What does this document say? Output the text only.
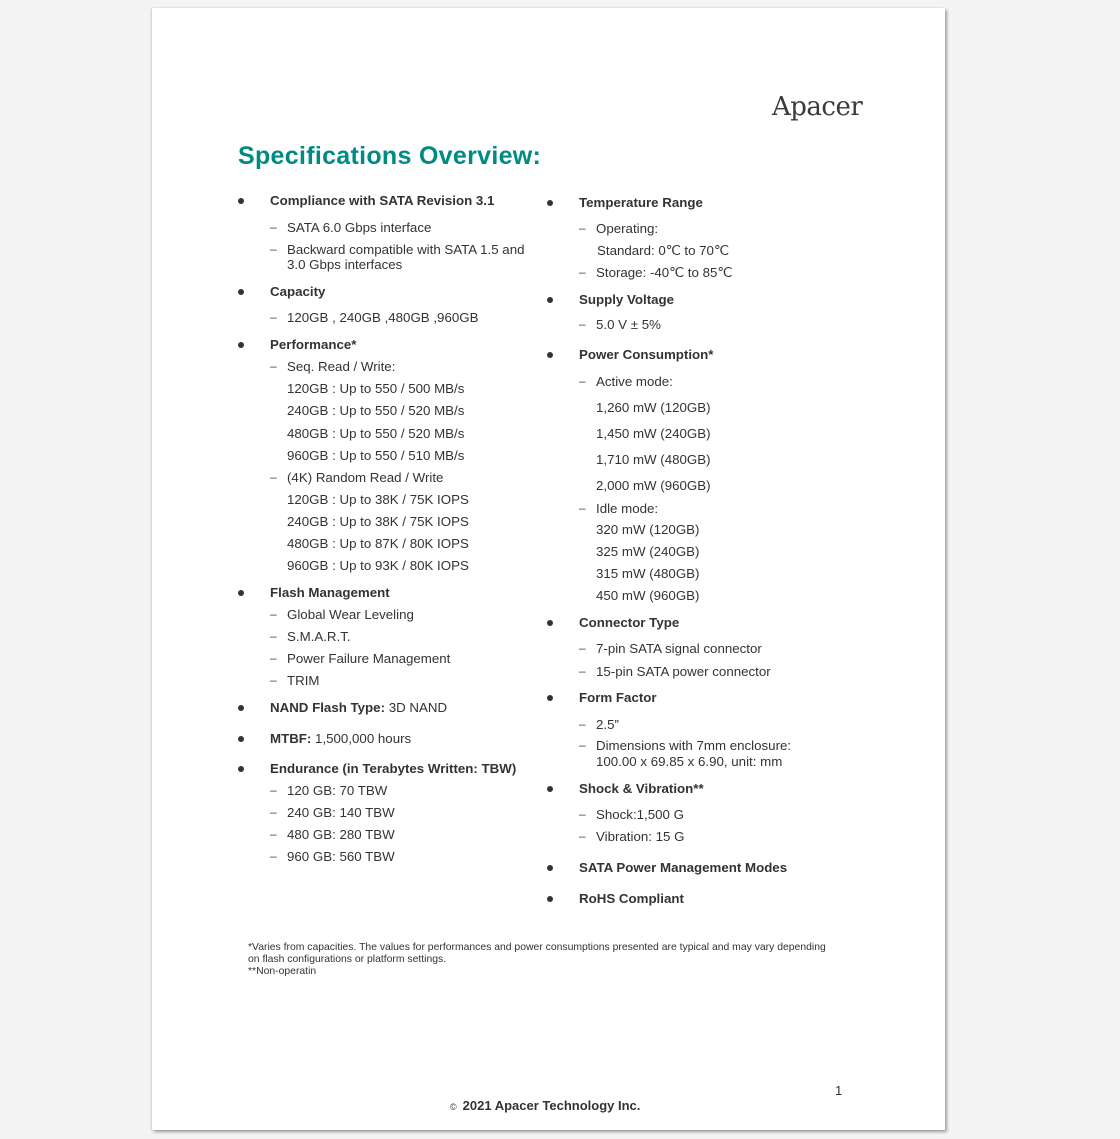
Apacer
Specifications Overview:
Compliance with SATA Revision 3.1
– SATA 6.0 Gbps interface
– Backward compatible with SATA 1.5 and
3.0 Gbps interfaces
Capacity
– 120GB , 240GB ,480GB ,960GB
Performance*
– Seq. Read / Write:
120GB : Up to 550 / 500 MB/s
240GB : Up to 550 / 520 MB/s
480GB : Up to 550 / 520 MB/s
960GB : Up to 550 / 510 MB/s
– (4K) Random Read / Write
120GB : Up to 38K / 75K IOPS
240GB : Up to 38K / 75K IOPS
480GB : Up to 87K / 80K IOPS
960GB : Up to 93K / 80K IOPS
Flash Management
– Global Wear Leveling
– S.M.A.R.T.
– Power Failure Management
– TRIM
NAND Flash Type: 3D NAND
MTBF: 1,500,000 hours
Endurance (in Terabytes Written: TBW)
– 120 GB: 70 TBW
– 240 GB: 140 TBW
– 480 GB: 280 TBW
– 960 GB: 560 TBW
Temperature Range
– Operating:
Standard: 0℃ to 70℃
– Storage: -40℃ to 85℃
Supply Voltage
– 5.0 V ± 5%
Power Consumption*
– Active mode:
1,260 mW (120GB)
1,450 mW (240GB)
1,710 mW (480GB)
2,000 mW (960GB)
– Idle mode:
320 mW (120GB)
325 mW (240GB)
315 mW (480GB)
450 mW (960GB)
Connector Type
– 7-pin SATA signal connector
– 15-pin SATA power connector
Form Factor
– 2.5”
– Dimensions with 7mm enclosure:
100.00 x 69.85 x 6.90, unit: mm
Shock & Vibration**
– Shock:1,500 G
– Vibration: 15 G
SATA Power Management Modes
RoHS Compliant
*Varies from capacities. The values for performances and power consumptions presented are typical and may vary depending
on flash configurations or platform settings.
**Non-operatin
1
© 2021 Apacer Technology Inc.
